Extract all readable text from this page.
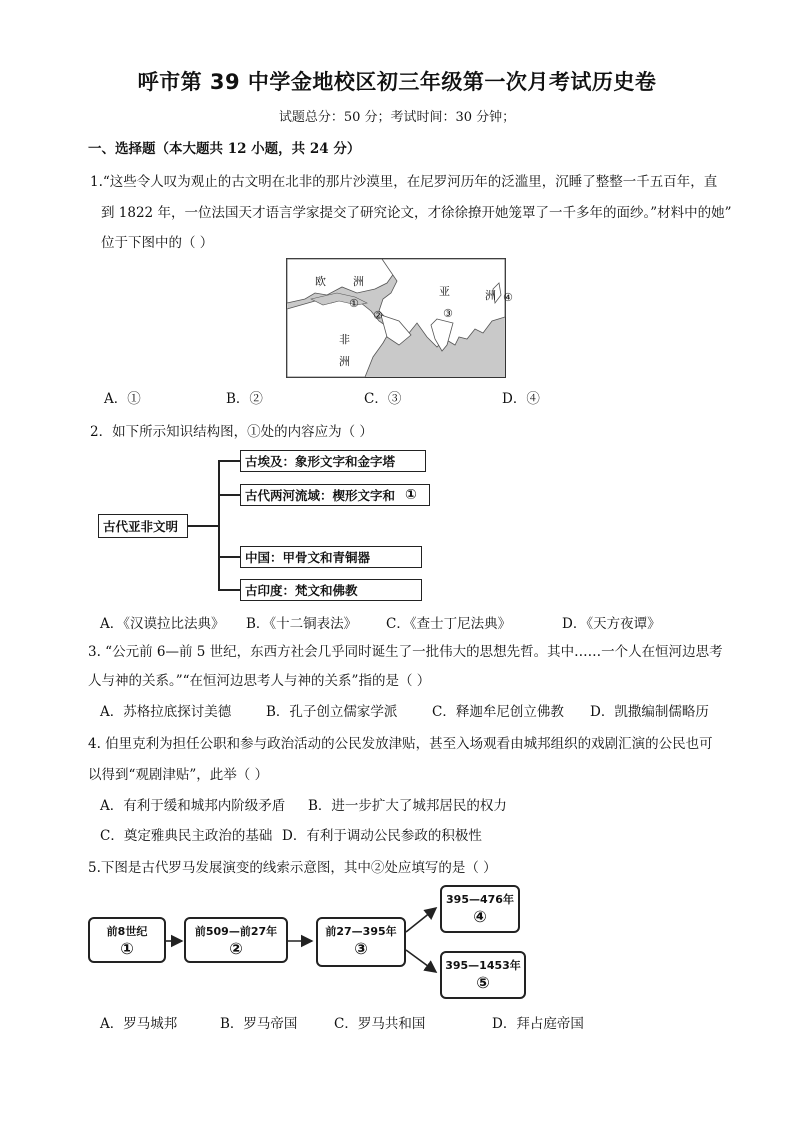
呼市第 39 中学金地校区初三年级第一次月考试历史卷
试题总分：50 分；考试时间：30 分钟；
一、选择题（本大题共 12 小题，共 24 分）
1.“这些令人叹为观止的古文明在北非的那片沙漠里，在尼罗河历年的泛滥里，沉睡了整整一千五百年，直
到 1822 年，一位法国天才语言学家提交了研究论文，才徐徐撩开她笼罩了一千多年的面纱。”材料中的她”
位于下图中的（ ）
欧 洲
亚	洲
非
洲
①
②	③
④
A．①	B．②	C．③	D．④
2．如下所示知识结构图，①处的内容应为（ ）
古代亚非文明
古埃及：象形文字和金字塔
古代两河流域：楔形文字和 ①
中国：甲骨文和青铜器
古印度：梵文和佛教
A．《汉谟拉比法典》 B．《十二铜表法》 C．《查士丁尼法典》	D．《天方夜谭》
3. “公元前 6—前 5 世纪，东西方社会几乎同时诞生了一批伟大的思想先哲。其中……一个人在恒河边思考
人与神的关系。”“在恒河边思考人与神的关系”指的是（ ）
A．苏格拉底探讨美德	B．孔子创立儒家学派	C．释迦牟尼创立佛教 D．凯撒编制儒略历
4. 伯里克利为担任公职和参与政治活动的公民发放津贴，甚至入场观看由城邦组织的戏剧汇演的公民也可
以得到“观剧津贴”，此举（ ）
A．有利于缓和城邦内阶级矛盾 B．进一步扩大了城邦居民的权力
C．奠定雅典民主政治的基础 D．有利于调动公民参政的积极性
5.下图是古代罗马发展演变的线索示意图，其中②处应填写的是（ ）
前8世纪
①
前509—前27年
②
前27—395年
③
395—476年
④
395—1453年
⑤
A．罗马城邦	B．罗马帝国	C．罗马共和国	D．拜占庭帝国
